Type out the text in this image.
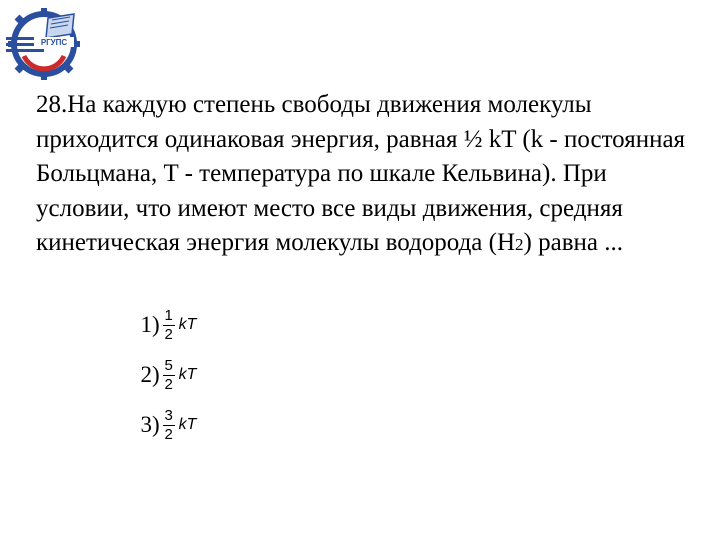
РГУПС

28.На каждую степень свободы движения молекулы приходится одинаковая энергия, равная ½ kT (k - постоянная Больцмана, T - температура по шкале Кельвина). При условии, что имеют место все виды движения, средняя кинетическая энергия молекулы водорода (H2) равна ...

1 ) $\frac{1}{2}$ kT
2 ) $\frac{5}{2}$ kT
3 ) $\frac{3}{2}$ kT
